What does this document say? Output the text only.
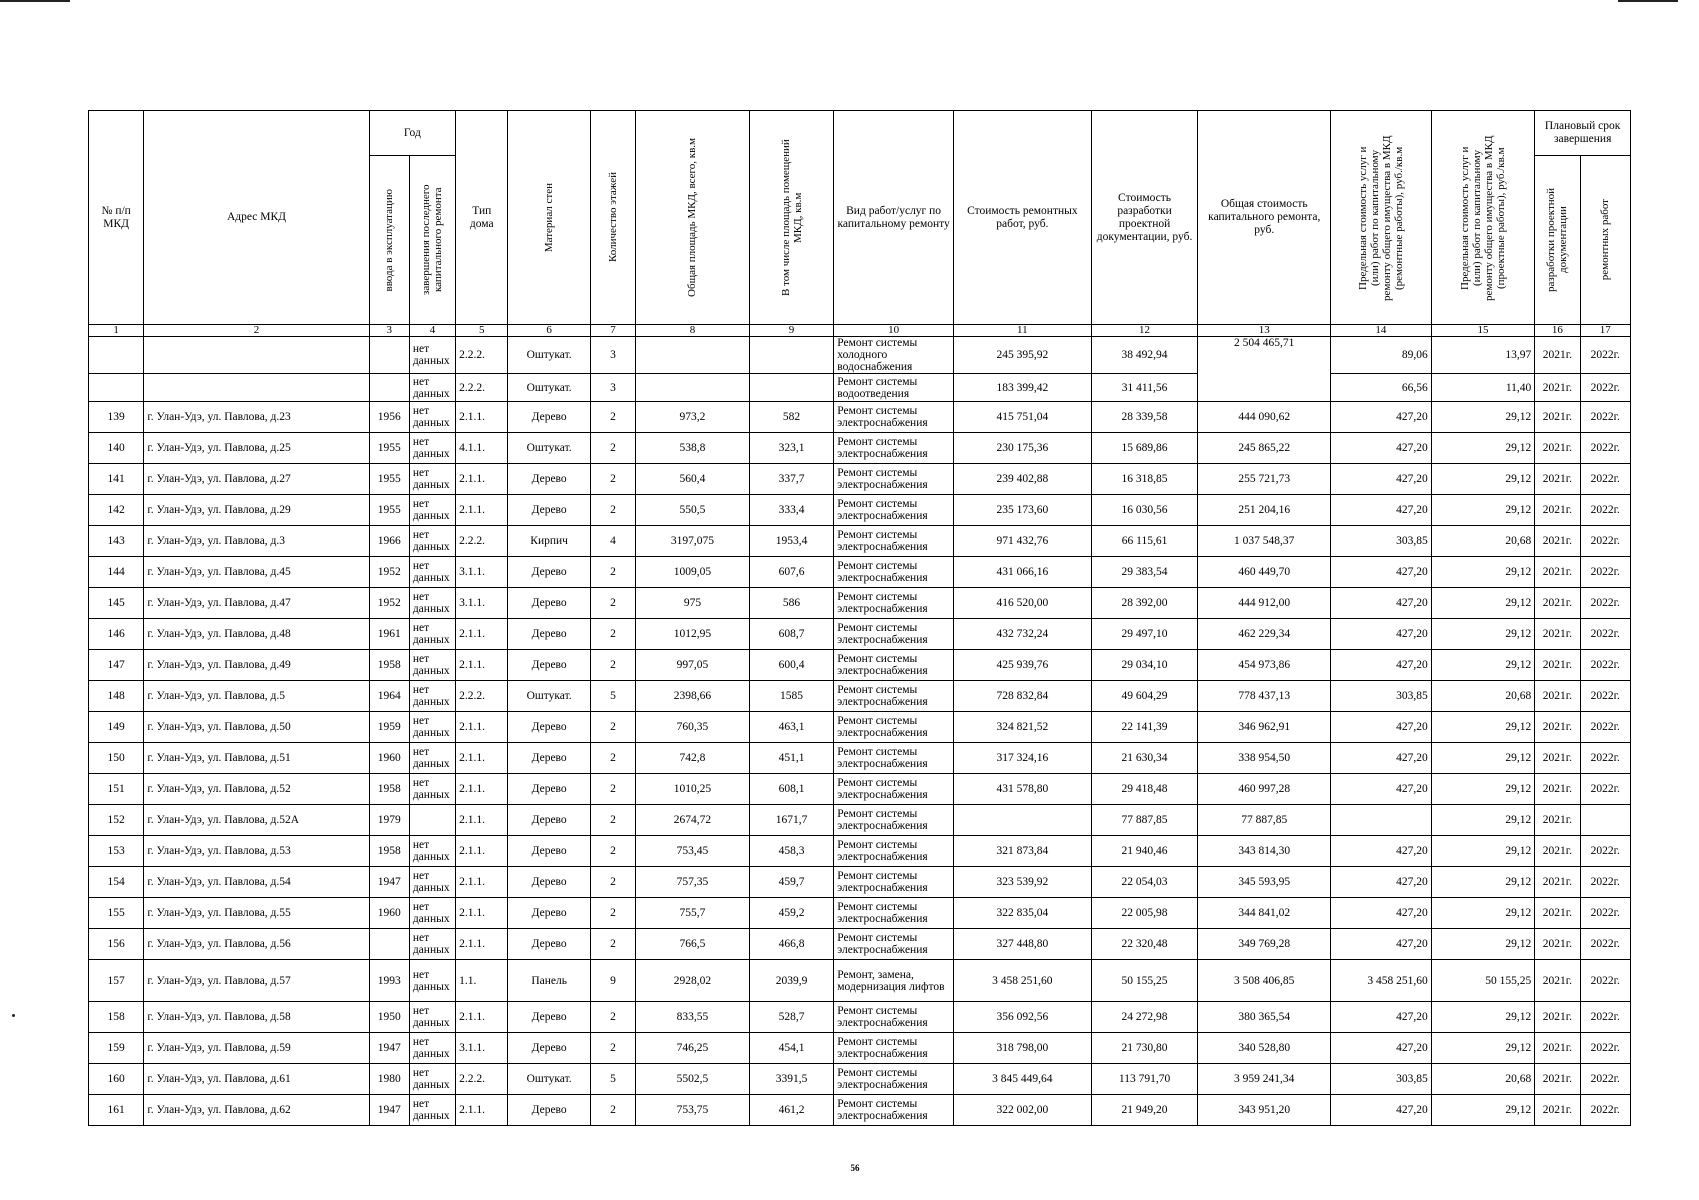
№ п/п МКД	Адрес МКД	Год		Тип дома	Материал стен	Количество этажей	Общая площадь МКД, всего, кв.м	В том числе площадь помещений МКД, кв.м	Вид работ/услуг по капитальному ремонту	Стоимость ремонтных работ, руб.	Стоимость разработки проектной документации, руб.	Общая стоимость капитального ремонта, руб.	Предельная стоимость услуг и (или) работ по капитальному ремонту общего имущества в МКД (ремонтные работы), руб./кв.м	Предельная стоимость услуг и (или) работ по капитальному ремонту общего имущества в МКД (проектные работы), руб./кв.м	Плановый срок завершения	

		ввода в эксплуатацию	завершения последнего капитального ремонта												разработки проектной документации	ремонтных работ

1	2	3	4	5	6	7	8	9	10	11	12	13	14	15	16	17
			нет данных	2.2.2.	Оштукат.	3			Ремонт системы холодного водоснабжения	245 395,92	38 492,94	2 504 465,71	89,06	13,97	2021г.	2022г.
			нет данных	2.2.2.	Оштукат.	3			Ремонт системы водоотведения	183 399,42	31 411,56		66,56	11,40	2021г.	2022г.
139	г. Улан-Удэ, ул. Павлова, д.23	1956	нет данных	2.1.1.	Дерево	2	973,2	582	Ремонт системы электроснабжения	415 751,04	28 339,58	444 090,62	427,20	29,12	2021г.	2022г.
140	г. Улан-Удэ, ул. Павлова, д.25	1955	нет данных	4.1.1.	Оштукат.	2	538,8	323,1	Ремонт системы электроснабжения	230 175,36	15 689,86	245 865,22	427,20	29,12	2021г.	2022г.
141	г. Улан-Удэ, ул. Павлова, д.27	1955	нет данных	2.1.1.	Дерево	2	560,4	337,7	Ремонт системы электроснабжения	239 402,88	16 318,85	255 721,73	427,20	29,12	2021г.	2022г.
142	г. Улан-Удэ, ул. Павлова, д.29	1955	нет данных	2.1.1.	Дерево	2	550,5	333,4	Ремонт системы электроснабжения	235 173,60	16 030,56	251 204,16	427,20	29,12	2021г.	2022г.
143	г. Улан-Удэ, ул. Павлова, д.3	1966	нет данных	2.2.2.	Кирпич	4	3197,075	1953,4	Ремонт системы электроснабжения	971 432,76	66 115,61	1 037 548,37	303,85	20,68	2021г.	2022г.
144	г. Улан-Удэ, ул. Павлова, д.45	1952	нет данных	3.1.1.	Дерево	2	1009,05	607,6	Ремонт системы электроснабжения	431 066,16	29 383,54	460 449,70	427,20	29,12	2021г.	2022г.
145	г. Улан-Удэ, ул. Павлова, д.47	1952	нет данных	3.1.1.	Дерево	2	975	586	Ремонт системы электроснабжения	416 520,00	28 392,00	444 912,00	427,20	29,12	2021г.	2022г.
146	г. Улан-Удэ, ул. Павлова, д.48	1961	нет данных	2.1.1.	Дерево	2	1012,95	608,7	Ремонт системы электроснабжения	432 732,24	29 497,10	462 229,34	427,20	29,12	2021г.	2022г.
147	г. Улан-Удэ, ул. Павлова, д.49	1958	нет данных	2.1.1.	Дерево	2	997,05	600,4	Ремонт системы электроснабжения	425 939,76	29 034,10	454 973,86	427,20	29,12	2021г.	2022г.
148	г. Улан-Удэ, ул. Павлова, д.5	1964	нет данных	2.2.2.	Оштукат.	5	2398,66	1585	Ремонт системы электроснабжения	728 832,84	49 604,29	778 437,13	303,85	20,68	2021г.	2022г.
149	г. Улан-Удэ, ул. Павлова, д.50	1959	нет данных	2.1.1.	Дерево	2	760,35	463,1	Ремонт системы электроснабжения	324 821,52	22 141,39	346 962,91	427,20	29,12	2021г.	2022г.
150	г. Улан-Удэ, ул. Павлова, д.51	1960	нет данных	2.1.1.	Дерево	2	742,8	451,1	Ремонт системы электроснабжения	317 324,16	21 630,34	338 954,50	427,20	29,12	2021г.	2022г.
151	г. Улан-Удэ, ул. Павлова, д.52	1958	нет данных	2.1.1.	Дерево	2	1010,25	608,1	Ремонт системы электроснабжения	431 578,80	29 418,48	460 997,28	427,20	29,12	2021г.	2022г.
152	г. Улан-Удэ, ул. Павлова, д.52А	1979		2.1.1.	Дерево	2	2674,72	1671,7	Ремонт системы электроснабжения		77 887,85	77 887,85		29,12	2021г.	
153	г. Улан-Удэ, ул. Павлова, д.53	1958	нет данных	2.1.1.	Дерево	2	753,45	458,3	Ремонт системы электроснабжения	321 873,84	21 940,46	343 814,30	427,20	29,12	2021г.	2022г.
154	г. Улан-Удэ, ул. Павлова, д.54	1947	нет данных	2.1.1.	Дерево	2	757,35	459,7	Ремонт системы электроснабжения	323 539,92	22 054,03	345 593,95	427,20	29,12	2021г.	2022г.
155	г. Улан-Удэ, ул. Павлова, д.55	1960	нет данных	2.1.1.	Дерево	2	755,7	459,2	Ремонт системы электроснабжения	322 835,04	22 005,98	344 841,02	427,20	29,12	2021г.	2022г.
156	г. Улан-Удэ, ул. Павлова, д.56		нет данных	2.1.1.	Дерево	2	766,5	466,8	Ремонт системы электроснабжения	327 448,80	22 320,48	349 769,28	427,20	29,12	2021г.	2022г.
157	г. Улан-Удэ, ул. Павлова, д.57	1993	нет данных	1.1.	Панель	9	2928,02	2039,9	Ремонт, замена, модернизация лифтов	3 458 251,60	50 155,25	3 508 406,85	3 458 251,60	50 155,25	2021г.	2022г.
158	г. Улан-Удэ, ул. Павлова, д.58	1950	нет данных	2.1.1.	Дерево	2	833,55	528,7	Ремонт системы электроснабжения	356 092,56	24 272,98	380 365,54	427,20	29,12	2021г.	2022г.
159	г. Улан-Удэ, ул. Павлова, д.59	1947	нет данных	3.1.1.	Дерево	2	746,25	454,1	Ремонт системы электроснабжения	318 798,00	21 730,80	340 528,80	427,20	29,12	2021г.	2022г.
160	г. Улан-Удэ, ул. Павлова, д.61	1980	нет данных	2.2.2.	Оштукат.	5	5502,5	3391,5	Ремонт системы электроснабжения	3 845 449,64	113 791,70	3 959 241,34	303,85	20,68	2021г.	2022г.
161	г. Улан-Удэ, ул. Павлова, д.62	1947	нет данных	2.1.1.	Дерево	2	753,75	461,2	Ремонт системы электроснабжения	322 002,00	21 949,20	343 951,20	427,20	29,12	2021г.	2022г.
56
